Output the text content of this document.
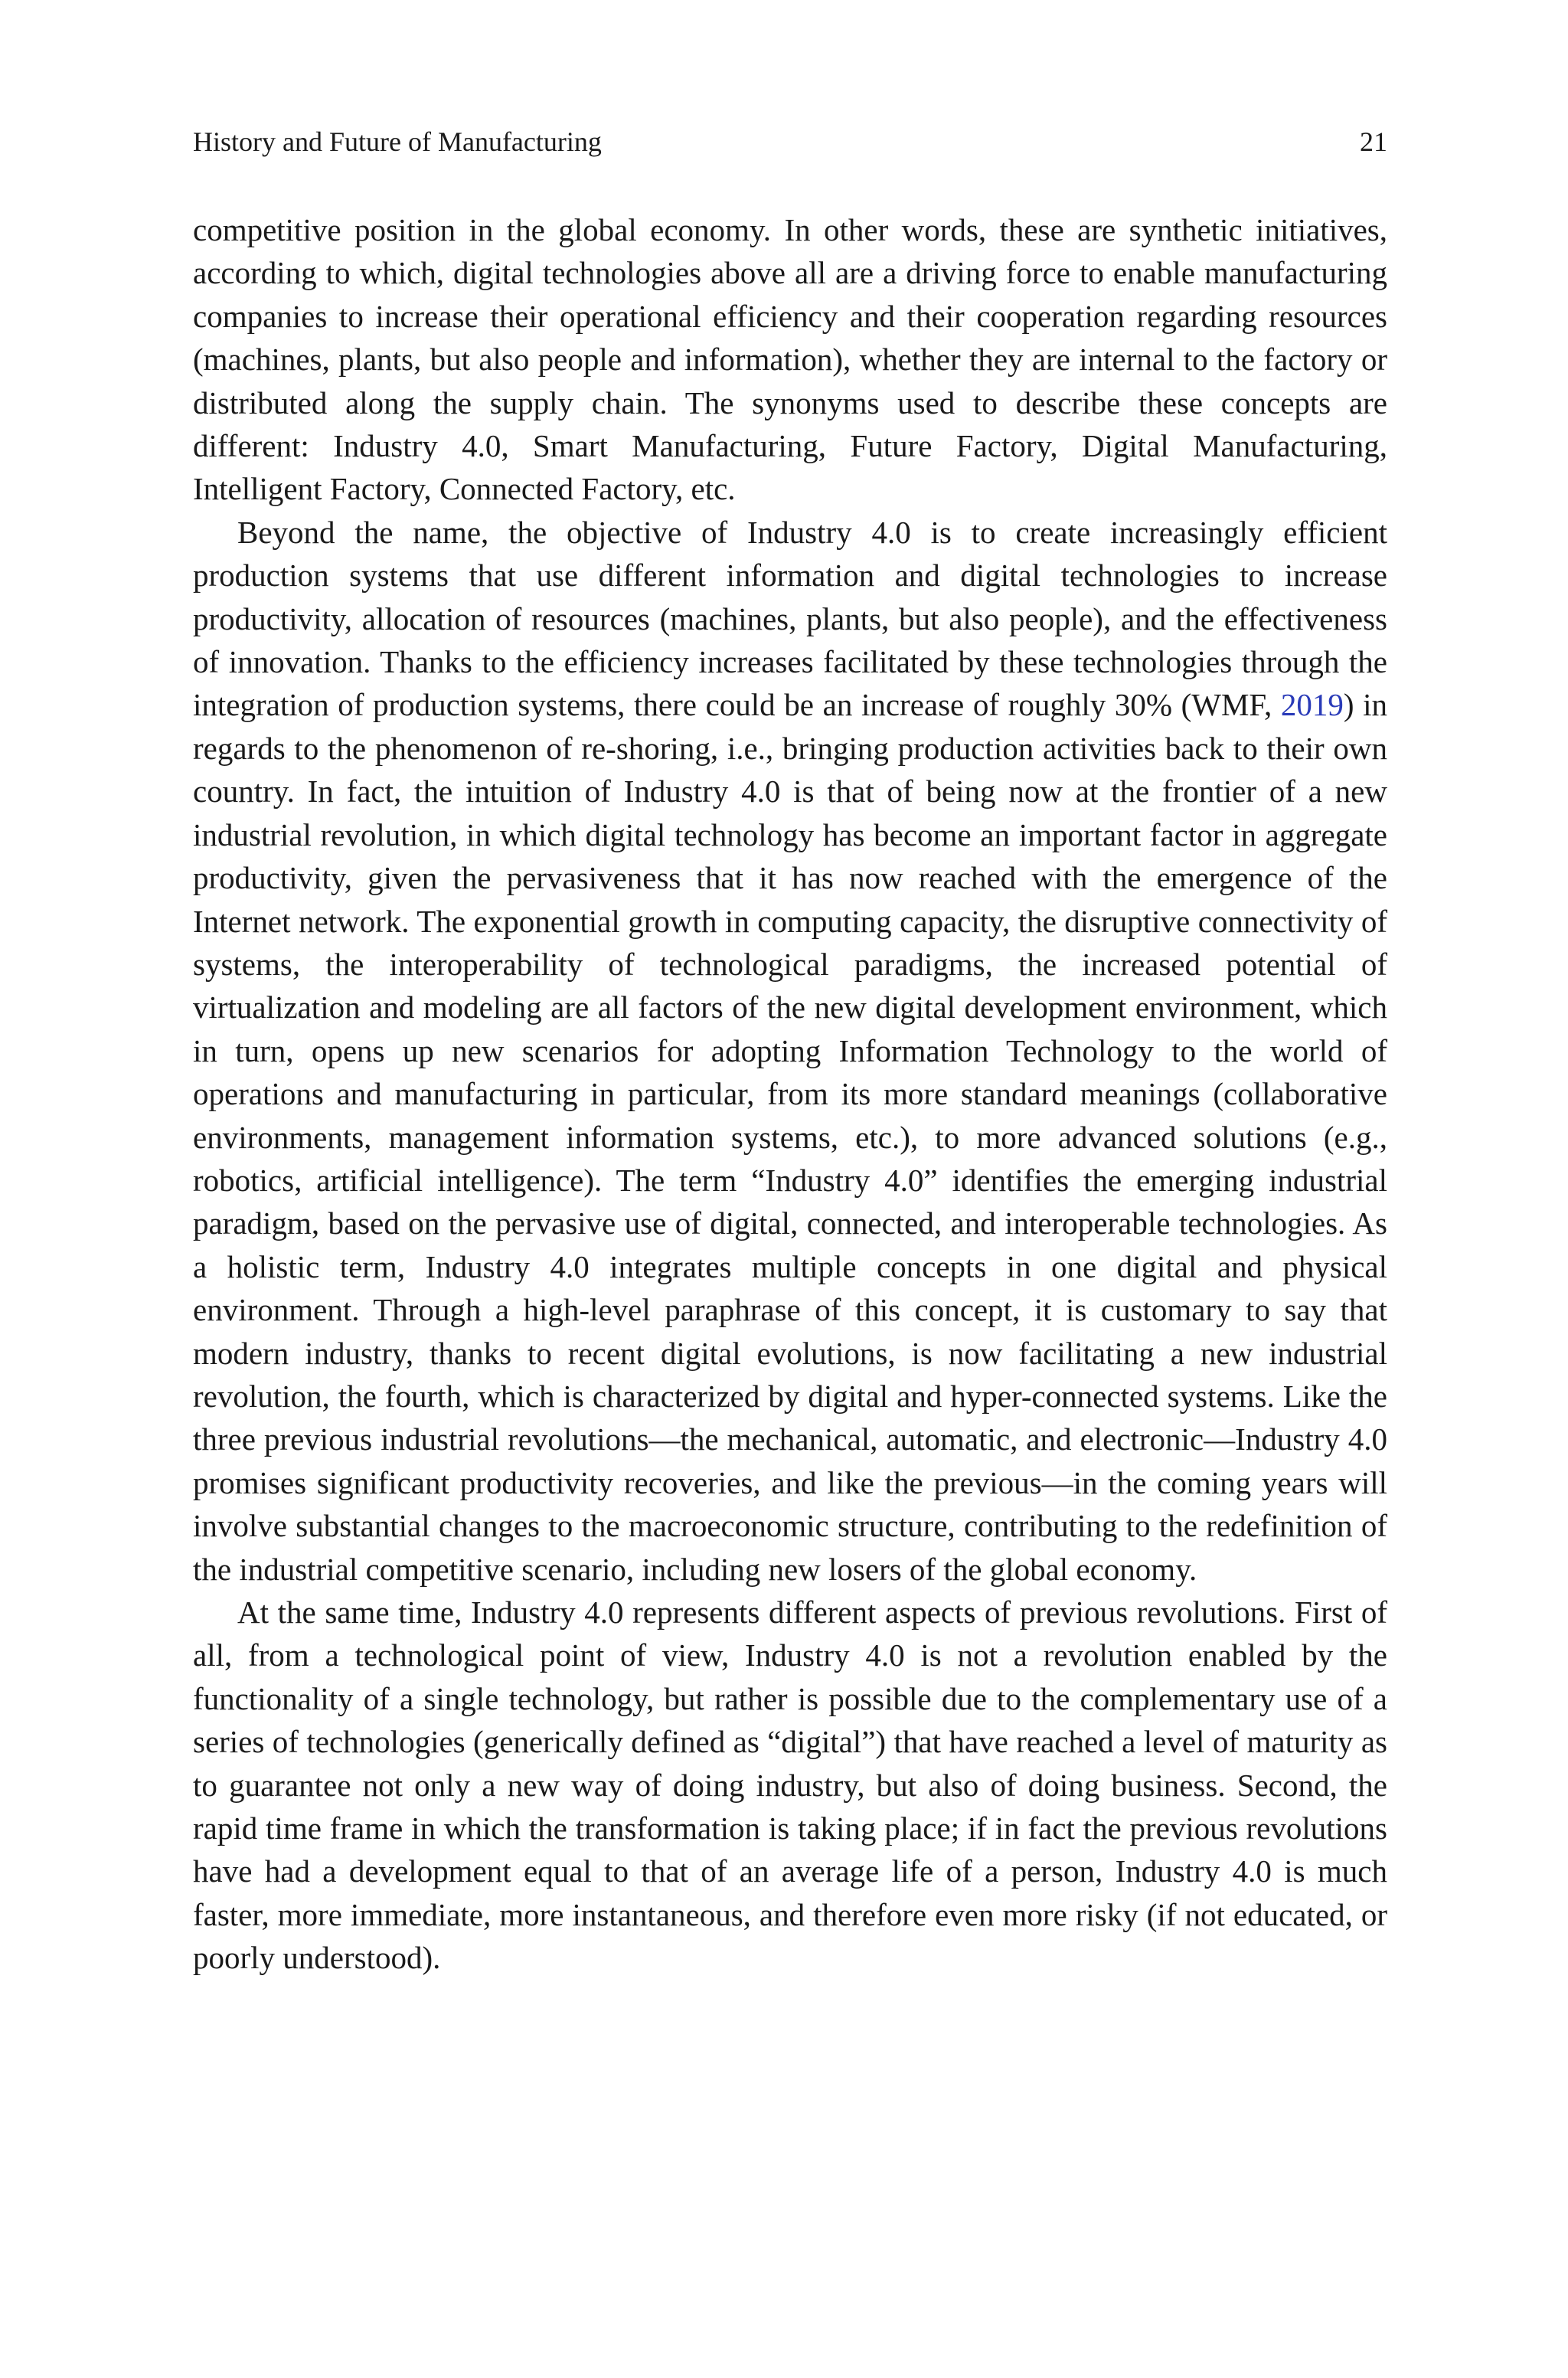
History and Future of Manufacturing	21

competitive position in the global economy. In other words, these are synthetic initiatives, according to which, digital technologies above all are a driving force to enable manufacturing companies to increase their operational efficiency and their cooperation regarding resources (machines, plants, but also people and information), whether they are internal to the factory or distributed along the supply chain. The synonyms used to describe these concepts are different: Industry 4.0, Smart Manufacturing, Future Factory, Digital Manufacturing, Intelligent Factory, Connected Factory, etc.

Beyond the name, the objective of Industry 4.0 is to create increasingly efficient production systems that use different information and digital technologies to increase productivity, allocation of resources (machines, plants, but also people), and the effectiveness of innovation. Thanks to the efficiency increases facilitated by these technologies through the integration of production systems, there could be an increase of roughly 30% (WMF, 2019) in regards to the phenomenon of re-shoring, i.e., bringing production activities back to their own country. In fact, the intuition of Industry 4.0 is that of being now at the frontier of a new industrial revolution, in which digital technology has become an important factor in aggregate productivity, given the pervasiveness that it has now reached with the emergence of the Internet network. The exponential growth in computing capacity, the disruptive connectivity of systems, the interoperability of technological paradigms, the increased potential of virtualization and modeling are all factors of the new digital development environment, which in turn, opens up new scenarios for adopting Information Technology to the world of operations and manufacturing in particular, from its more standard meanings (collaborative environments, management information systems, etc.), to more advanced solutions (e.g., robotics, artificial intelligence). The term “Industry 4.0” identifies the emerging industrial paradigm, based on the pervasive use of digital, connected, and interoperable technologies. As a holistic term, Industry 4.0 integrates multiple concepts in one digital and physical environment. Through a high-level paraphrase of this concept, it is customary to say that modern industry, thanks to recent digital evolutions, is now facilitating a new industrial revolution, the fourth, which is characterized by digital and hyper-connected systems. Like the three previous industrial revolutions—the mechanical, automatic, and electronic—Industry 4.0 promises significant productivity recoveries, and like the previous—in the coming years will involve substantial changes to the macroeconomic structure, contributing to the redefinition of the industrial competitive scenario, including new losers of the global economy.

At the same time, Industry 4.0 represents different aspects of previous revolutions. First of all, from a technological point of view, Industry 4.0 is not a revolution enabled by the functionality of a single technology, but rather is possible due to the complementary use of a series of technologies (generically defined as “digital”) that have reached a level of maturity as to guarantee not only a new way of doing industry, but also of doing business. Second, the rapid time frame in which the transformation is taking place; if in fact the previous revolutions have had a development equal to that of an average life of a person, Industry 4.0 is much faster, more immediate, more instantaneous, and therefore even more risky (if not educated, or poorly understood).
